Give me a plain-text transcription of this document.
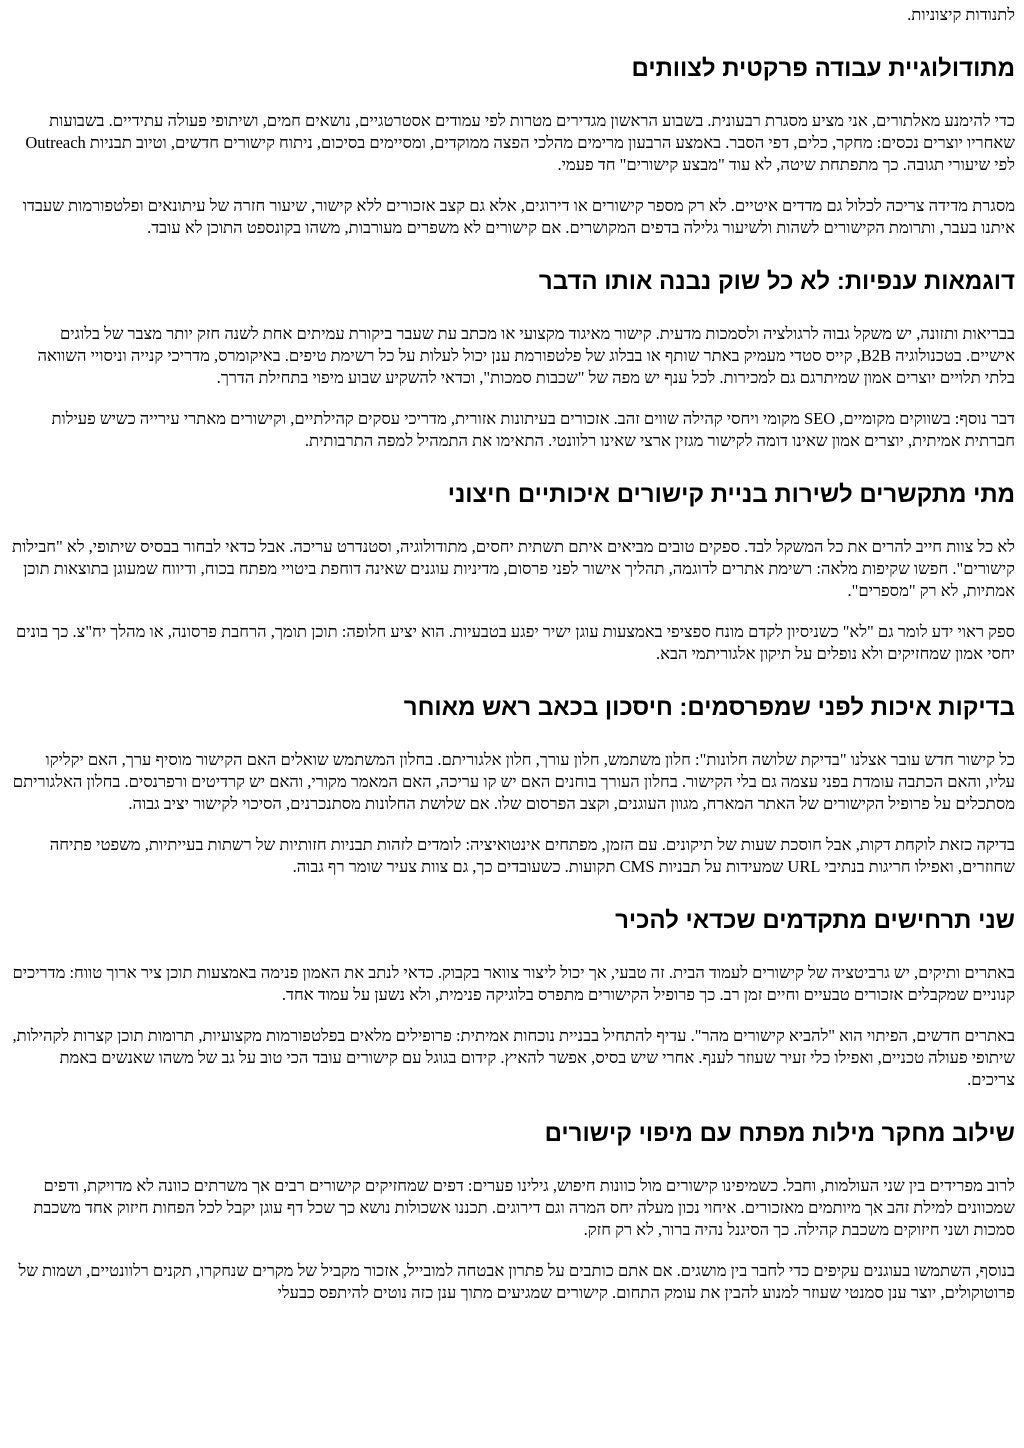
לתנודות קיצוניות.

מתודולוגיית עבודה פרקטית לצוותים

כדי להימנע מאלתורים, אני מציע מסגרת רבעונית. בשבוע הראשון מגדירים מטרות לפי עמודים אסטרטגיים, נושאים חמים, ושיתופי פעולה עתידיים. בשבועות שאחריו יוצרים נכסים: מחקר, כלים, דפי הסבר. באמצע הרבעון מרימים מהלכי הפצה ממוקדים, ומסיימים בסיכום, ניתוח קישורים חדשים, וטיוב תבניות Outreach לפי שיעורי תגובה. כך מתפתחת שיטה, לא עוד "מבצע קישורים" חד פעמי.

מסגרת מדידה צריכה לכלול גם מדדים איטיים. לא רק מספר קישורים או דירוגים, אלא גם קצב אזכורים ללא קישור, שיעור חזרה של עיתונאים ופלטפורמות שעבדו איתנו בעבר, ותרומת הקישורים לשהות ולשיעור גלילה בדפים המקושרים. אם קישורים לא משפרים מעורבות, משהו בקונספט התוכן לא עובד.

דוגמאות ענפיות: לא כל שוק נבנה אותו הדבר

בבריאות ותזונה, יש משקל גבוה לרגולציה ולסמכות מדעית. קישור מאיגוד מקצועי או מכתב עת שעבר ביקורת עמיתים אחת לשנה חזק יותר מצבר של בלוגים אישיים. בטכנולוגיה B2B, קייס סטדי מעמיק באתר שותף או בבלוג של פלטפורמת ענן יכול לעלות על כל רשימת טיפים. באיקומרס, מדריכי קנייה וניסויי השוואה בלתי תלויים יוצרים אמון שמיתרגם גם למכירות. לכל ענף יש מפה של "שכבות סמכות", וכדאי להשקיע שבוע מיפוי בתחילת הדרך.

דבר נוסף: בשווקים מקומיים, SEO מקומי ויחסי קהילה שווים זהב. אזכורים בעיתונות אזורית, מדריכי עסקים קהילתיים, וקישורים מאתרי עירייה כשיש פעילות חברתית אמיתית, יוצרים אמון שאינו דומה לקישור מגזין ארצי שאינו רלוונטי. התאימו את התמהיל למפה התרבותית.

מתי מתקשרים לשירות בניית קישורים איכותיים חיצוני

לא כל צוות חייב להרים את כל המשקל לבד. ספקים טובים מביאים איתם תשתית יחסים, מתודולוגיה, וסטנדרט עריכה. אבל כדאי לבחור בבסיס שיתופי, לא "חבילות קישורים". חפשו שקיפות מלאה: רשימת אתרים לדוגמה, תהליך אישור לפני פרסום, מדיניות עוגנים שאינה דוחפת ביטויי מפתח בכוח, ודיווח שמעוגן בתוצאות תוכן אמתיות, לא רק "מספרים".

ספק ראוי ידע לומר גם "לא" כשניסיון לקדם מונח ספציפי באמצעות עוגן ישיר יפגע בטבעיות. הוא יציע חלופה: תוכן תומך, הרחבת פרסונה, או מהלך יח"צ. כך בונים יחסי אמון שמחזיקים ולא נופלים על תיקון אלגוריתמי הבא.

בדיקות איכות לפני שמפרסמים: חיסכון בכאב ראש מאוחר

כל קישור חדש עובר אצלנו "בדיקת שלושה חלונות": חלון משתמש, חלון עורך, חלון אלגוריתם. בחלון המשתמש שואלים האם הקישור מוסיף ערך, האם יקליקו עליו, והאם הכתבה עומדת בפני עצמה גם בלי הקישור. בחלון העורך בוחנים האם יש קו עריכה, האם המאמר מקורי, והאם יש קרדיטים ורפרנסים. בחלון האלגוריתם מסתכלים על פרופיל הקישורים של האתר המארח, מגוון העוגנים, וקצב הפרסום שלו. אם שלושת החלונות מסתנכרנים, הסיכוי לקישור יציב גבוה.

בדיקה כזאת לוקחת דקות, אבל חוסכת שעות של תיקונים. עם הזמן, מפתחים אינטואיציה: לומדים לזהות תבניות חזותיות של רשתות בעייתיות, משפטי פתיחה שחוזרים, ואפילו חריגות בנתיבי URL שמעידות על תבניות CMS תקועות. כשעובדים כך, גם צוות צעיר שומר רף גבוה.

שני תרחישים מתקדמים שכדאי להכיר

באתרים ותיקים, יש גרביטציה של קישורים לעמוד הבית. זה טבעי, אך יכול ליצור צוואר בקבוק. כדאי לנתב את האמון פנימה באמצעות תוכן ציר ארוך טווח: מדריכים קנוניים שמקבלים אזכורים טבעיים וחיים זמן רב. כך פרופיל הקישורים מתפרס בלוגיקה פנימית, ולא נשען על עמוד אחד.

באתרים חדשים, הפיתוי הוא "להביא קישורים מהר". עדיף להתחיל בבניית נוכחות אמיתית: פרופילים מלאים בפלטפורמות מקצועיות, תרומות תוכן קצרות לקהילות, שיתופי פעולה טכניים, ואפילו כלי זעיר שעוזר לענף. אחרי שיש בסיס, אפשר להאיץ. קידום בגוגל עם קישורים עובד הכי טוב על גב של משהו שאנשים באמת צריכים.

שילוב מחקר מילות מפתח עם מיפוי קישורים

לרוב מפרידים בין שני העולמות, וחבל. כשמיפינו קישורים מול כוונות חיפוש, גילינו פערים: דפים שמחזיקים קישורים רבים אך משרתים כוונה לא מדויקת, ודפים שמכוונים למילת זהב אך מיותמים מאזכורים. איחוי נכון מעלה יחס המרה וגם דירוגים. תכננו אשכולות נושא כך שכל דף עוגן יקבל לכל הפחות חיזוק אחד משכבת סמכות ושני חיזוקים משכבת קהילה. כך הסיגנל נהיה ברור, לא רק חזק.

בנוסף, השתמשו בעוגנים עקיפים כדי לחבר בין מושגים. אם אתם כותבים על פתרון אבטחה למובייל, אזכור מקביל של מקרים שנחקרו, תקנים רלוונטיים, ושמות של פרוטוקולים, יוצר ענן סמנטי שעוזר למנוע להבין את עומק התחום. קישורים שמגיעים מתוך ענן כזה נוטים להיתפס כבעלי
